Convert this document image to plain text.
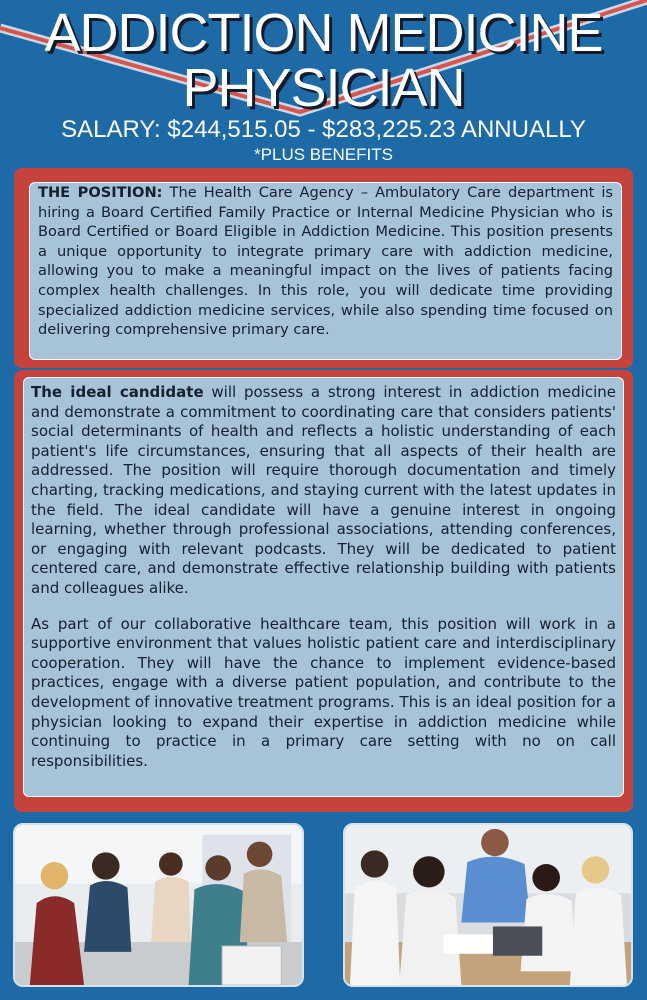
ADDICTION MEDICINE
PHYSICIAN
SALARY: $244,515.05 - $283,225.23 ANNUALLY
*PLUS BENEFITS
THE POSITION: The Health Care Agency – Ambulatory Care department is hiring a Board Certified Family Practice or Internal Medicine Physician who is Board Certified or Board Eligible in Addiction Medicine. This position presents a unique opportunity to integrate primary care with addiction medicine, allowing you to make a meaningful impact on the lives of patients facing complex health challenges. In this role, you will dedicate time providing specialized addiction medicine services, while also spending time focused on delivering comprehensive primary care.

The ideal candidate will possess a strong interest in addiction medicine and demonstrate a commitment to coordinating care that considers patients' social determinants of health and reflects a holistic understanding of each patient's life circumstances, ensuring that all aspects of their health are addressed. The position will require thorough documentation and timely charting, tracking medications, and staying current with the latest updates in the field. The ideal candidate will have a genuine interest in ongoing learning, whether through professional associations, attending conferences, or engaging with relevant podcasts. They will be dedicated to patient centered care, and demonstrate effective relationship building with patients and colleagues alike.

As part of our collaborative healthcare team, this position will work in a supportive environment that values holistic patient care and interdisciplinary cooperation. They will have the chance to implement evidence-based practices, engage with a diverse patient population, and contribute to the development of innovative treatment programs. This is an ideal position for a physician looking to expand their expertise in addiction medicine while continuing to practice in a primary care setting with no on call responsibilities.
